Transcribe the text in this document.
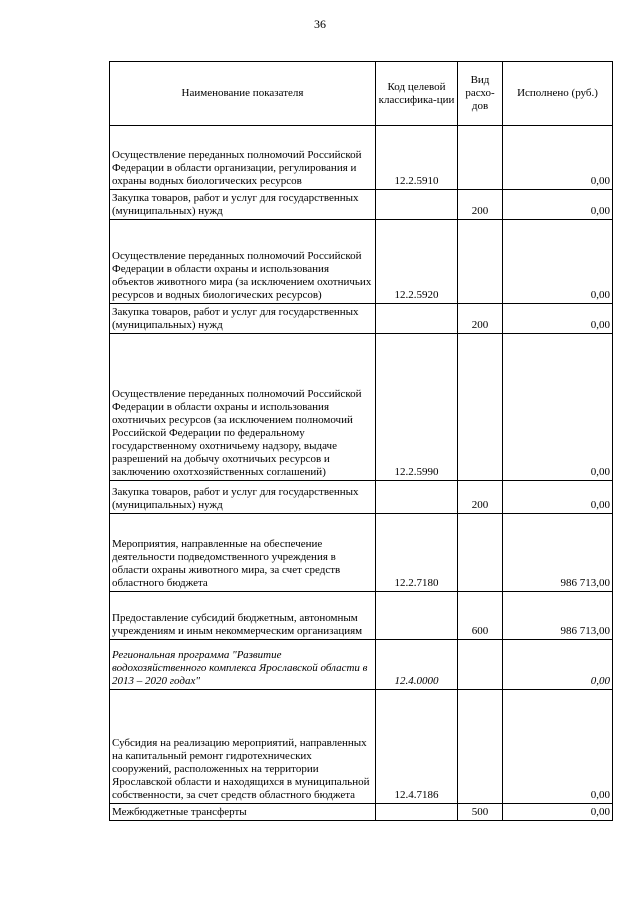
36
Наименование показателя	Код целевой классифика-ции	Вид расхо-дов	Исполнено (руб.)
Осуществление переданных полномочий Российской Федерации в области организации, регулирования и охраны водных биологических ресурсов	12.2.5910		0,00
Закупка товаров, работ и услуг для государственных (муниципальных) нужд		200	0,00
Осуществление переданных полномочий Российской Федерации в области охраны и использования объектов животного мира (за исключением охотничьих ресурсов и водных биологических ресурсов)	12.2.5920		0,00
Закупка товаров, работ и услуг для государственных (муниципальных) нужд		200	0,00
Осуществление переданных полномочий Российской Федерации в области охраны и использования охотничьих ресурсов (за исключением полномочий Российской Федерации по федеральному государственному охотничьему надзору, выдаче разрешений на добычу охотничьих ресурсов и заключению охотхозяйственных соглашений)	12.2.5990		0,00
Закупка товаров, работ и услуг для государственных (муниципальных) нужд		200	0,00
Мероприятия, направленные на обеспечение деятельности подведомственного учреждения в области охраны животного мира, за счет средств областного бюджета	12.2.7180		986 713,00
Предоставление субсидий бюджетным, автономным учреждениям и иным некоммерческим организациям		600	986 713,00
Региональная программа "Развитие водохозяйственного комплекса Ярославской области в 2013 – 2020 годах"	12.4.0000		0,00
Субсидия на реализацию мероприятий, направленных на капитальный ремонт гидротехнических сооружений, расположенных на территории Ярославской области и находящихся в муниципальной собственности, за счет средств областного бюджета	12.4.7186		0,00
Межбюджетные трансферты		500	0,00
